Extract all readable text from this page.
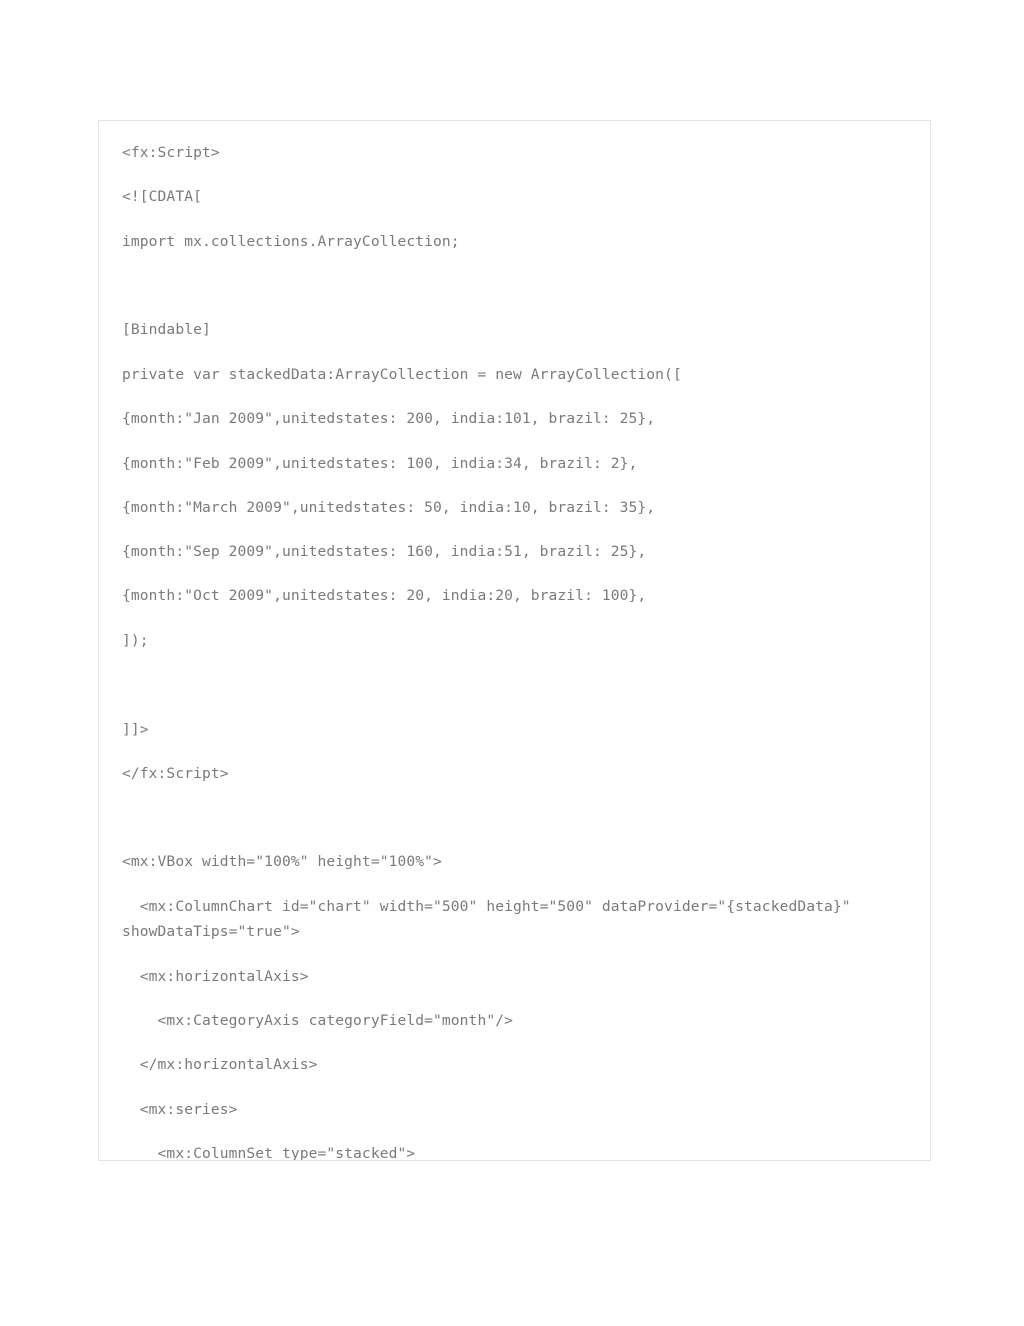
<fx:Script>
<![CDATA[
import mx.collections.ArrayCollection;
[Bindable]
private var stackedData:ArrayCollection = new ArrayCollection([
{month:"Jan 2009",unitedstates: 200, india:101, brazil: 25},
{month:"Feb 2009",unitedstates: 100, india:34, brazil: 2},
{month:"March 2009",unitedstates: 50, india:10, brazil: 35},
{month:"Sep 2009",unitedstates: 160, india:51, brazil: 25},
{month:"Oct 2009",unitedstates: 20, india:20, brazil: 100},
]);
]]>
</fx:Script>
<mx:VBox width="100%" height="100%">
<mx:ColumnChart id="chart" width="500" height="500" dataProvider="{stackedData}"
showDataTips="true">
<mx:horizontalAxis>
<mx:CategoryAxis categoryField="month"/>
</mx:horizontalAxis>
<mx:series>
<mx:ColumnSet type="stacked">
